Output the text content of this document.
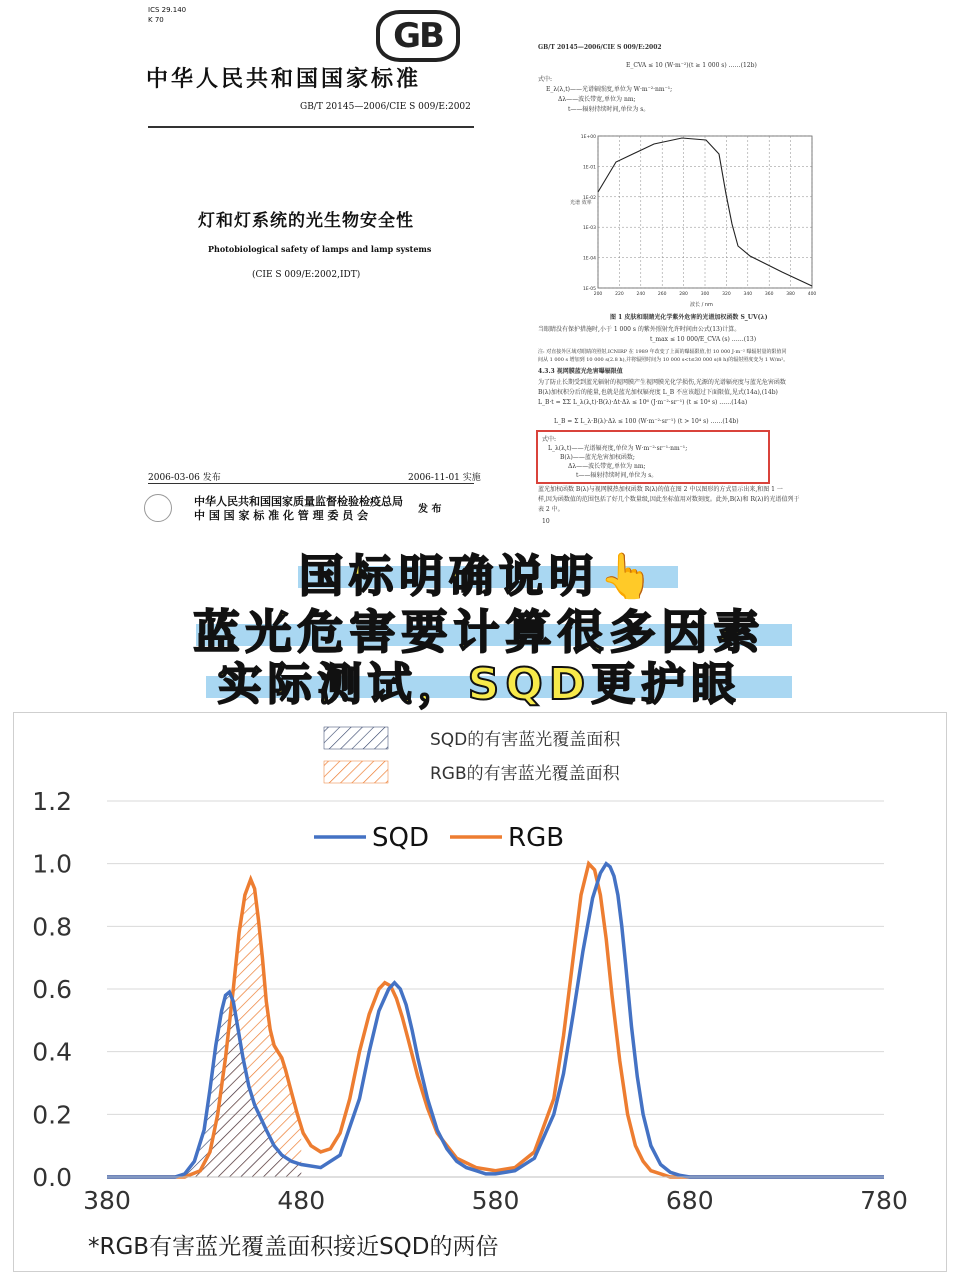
ICS 29.140
K 70	GB
中华人民共和国国家标准
GB/T 20145—2006/CIE S 009/E:2002
灯和灯系统的光生物安全性
Photobiological safety of lamps and lamp systems
(CIE S 009/E:2002,IDT)
2006-03-06 发布	2006-11-01 实施
中华人民共和国国家质量监督检验检疫总局
中 国 国 家 标 准 化 管 理 委 员 会	发 布
GB/T 20145—2006/CIE S 009/E:2002
E_CVA ≤ 10 (W·m⁻²)(t ≥ 1 000 s) ……(12b)
式中:
E_λ(λ,t)——光谱辐照度,单位为 W·m⁻²·nm⁻¹;
Δλ——波长带宽,单位为 nm;
t——辐射持续时间,单位为 s。
200	220	240	260	280	300	320	340	360	380	400
1E+00
1E-01
1E-02
1E-03
1E-04
1E-05
光谱 效率
波长 / nm
图 1 皮肤和眼睛光化学紫外危害的光谱加权函数 S_UV(λ)
当眼睛没有保护措施时,小于 1 000 s 的紫外照射允许时间由公式(13)计算。
t_max ≤ 10 000/E_CVA (s) ……(13)
注: 对直接外区域对眼睛的照射,ICNIRP 在 1989 年改变了上面的曝辐限值,但 10 000 J·m⁻² 曝辐射量的限值同
间从 1 000 s 增加到 10 000 s(2.8 h),并将辐照时间为 10 000 s<t≤30 000 s(8 h)的辐射照度变为 1 W/m²。
4.3.3 视网膜蓝光危害曝辐限值
为了防止长期受到蓝光辐射的视网膜产生视网膜光化学损伤,光源的光谱辐亮度与蓝光危害函数
B(λ)加权积分后的能量,也就是蓝光加权辐亮度 L_B 不应该超过下面限值,见式(14a),(14b)
L_B·t = ΣΣ L_λ(λ,t)·B(λ)·Δt·Δλ ≤ 10⁶ (J·m⁻²·sr⁻¹) (t ≤ 10⁴ s) ……(14a)
L_B = Σ L_λ·B(λ)·Δλ ≤ 100 (W·m⁻²·sr⁻¹) (t > 10⁴ s) ……(14b)
式中:
L_λ(λ,t)——光谱辐亮度,单位为 W·m⁻²·sr⁻¹·nm⁻¹;
B(λ)——蓝光危害加权函数;
Δλ——波长带宽,单位为 nm;
t——辐射持续时间,单位为 s。
蓝光加权函数 B(λ)与视网膜热加权函数 R(λ)的值在图 2 中以图形的方式显示出来,和图 1 一
样,因为函数值的范围包括了好几个数量级,因此坐标值用对数刻度。此外,B(λ)和 R(λ)的光谱值列于
表 2 中。
10
国标明确说明👆
蓝光危害要计算很多因素
实际测试，SQD更护眼
0.0
0.2
0.4
0.6
0.8
1.0
1.2
380	480	580	680	780
SQD的有害蓝光覆盖面积
RGB的有害蓝光覆盖面积
SQD	RGB
*RGB有害蓝光覆盖面积接近SQD的两倍
